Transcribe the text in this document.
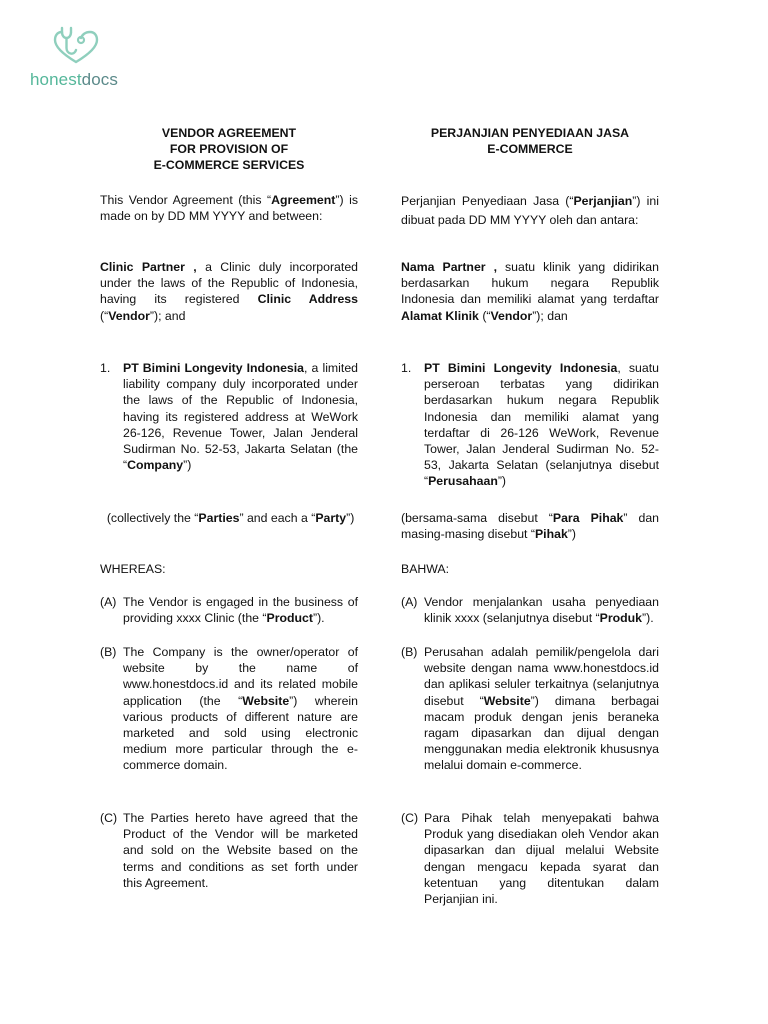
honestdocs
VENDOR AGREEMENT
FOR PROVISION OF
E-COMMERCE SERVICES
This Vendor Agreement (this “Agreement”) is made on by DD MM YYYY and between:
Clinic Partner , a Clinic duly incorporated under the laws of the Republic of Indonesia, having its registered Clinic Address (“Vendor”); and
1. PT Bimini Longevity Indonesia, a limited liability company duly incorporated under the laws of the Republic of Indonesia, having its registered address at WeWork 26-126, Revenue Tower, Jalan Jenderal Sudirman No. 52-53, Jakarta Selatan (the “Company”)
(collectively the “Parties” and each a “Party”)
WHEREAS:
(A) The Vendor is engaged in the business of providing xxxx Clinic (the “Product”).
(B) The Company is the owner/operator of website by the name of www.honestdocs.id and its related mobile application (the “Website”) wherein various products of different nature are marketed and sold using electronic medium more particular through the e-commerce domain.
(C) The Parties hereto have agreed that the Product of the Vendor will be marketed and sold on the Website based on the terms and conditions as set forth under this Agreement.
PERJANJIAN PENYEDIAAN JASA
E-COMMERCE
Perjanjian Penyediaan Jasa (“Perjanjian”) ini dibuat pada DD MM YYYY oleh dan antara:
Nama Partner , suatu klinik yang didirikan berdasarkan hukum negara Republik Indonesia dan memiliki alamat yang terdaftar Alamat Klinik (“Vendor”); dan
1. PT Bimini Longevity Indonesia, suatu perseroan terbatas yang didirikan berdasarkan hukum negara Republik Indonesia dan memiliki alamat yang terdaftar di 26-126 WeWork, Revenue Tower, Jalan Jenderal Sudirman No. 52-53, Jakarta Selatan (selanjutnya disebut “Perusahaan”)
(bersama-sama disebut “Para Pihak” dan masing-masing disebut “Pihak”)
BAHWA:
(A) Vendor menjalankan usaha penyediaan klinik xxxx (selanjutnya disebut “Produk”).
(B) Perusahan adalah pemilik/pengelola dari website dengan nama www.honestdocs.id dan aplikasi seluler terkaitnya (selanjutnya disebut “Website”) dimana berbagai macam produk dengan jenis beraneka ragam dipasarkan dan dijual dengan menggunakan media elektronik khususnya melalui domain e-commerce.
(C) Para Pihak telah menyepakati bahwa Produk yang disediakan oleh Vendor akan dipasarkan dan dijual melalui Website dengan mengacu kepada syarat dan ketentuan yang ditentukan dalam Perjanjian ini.
